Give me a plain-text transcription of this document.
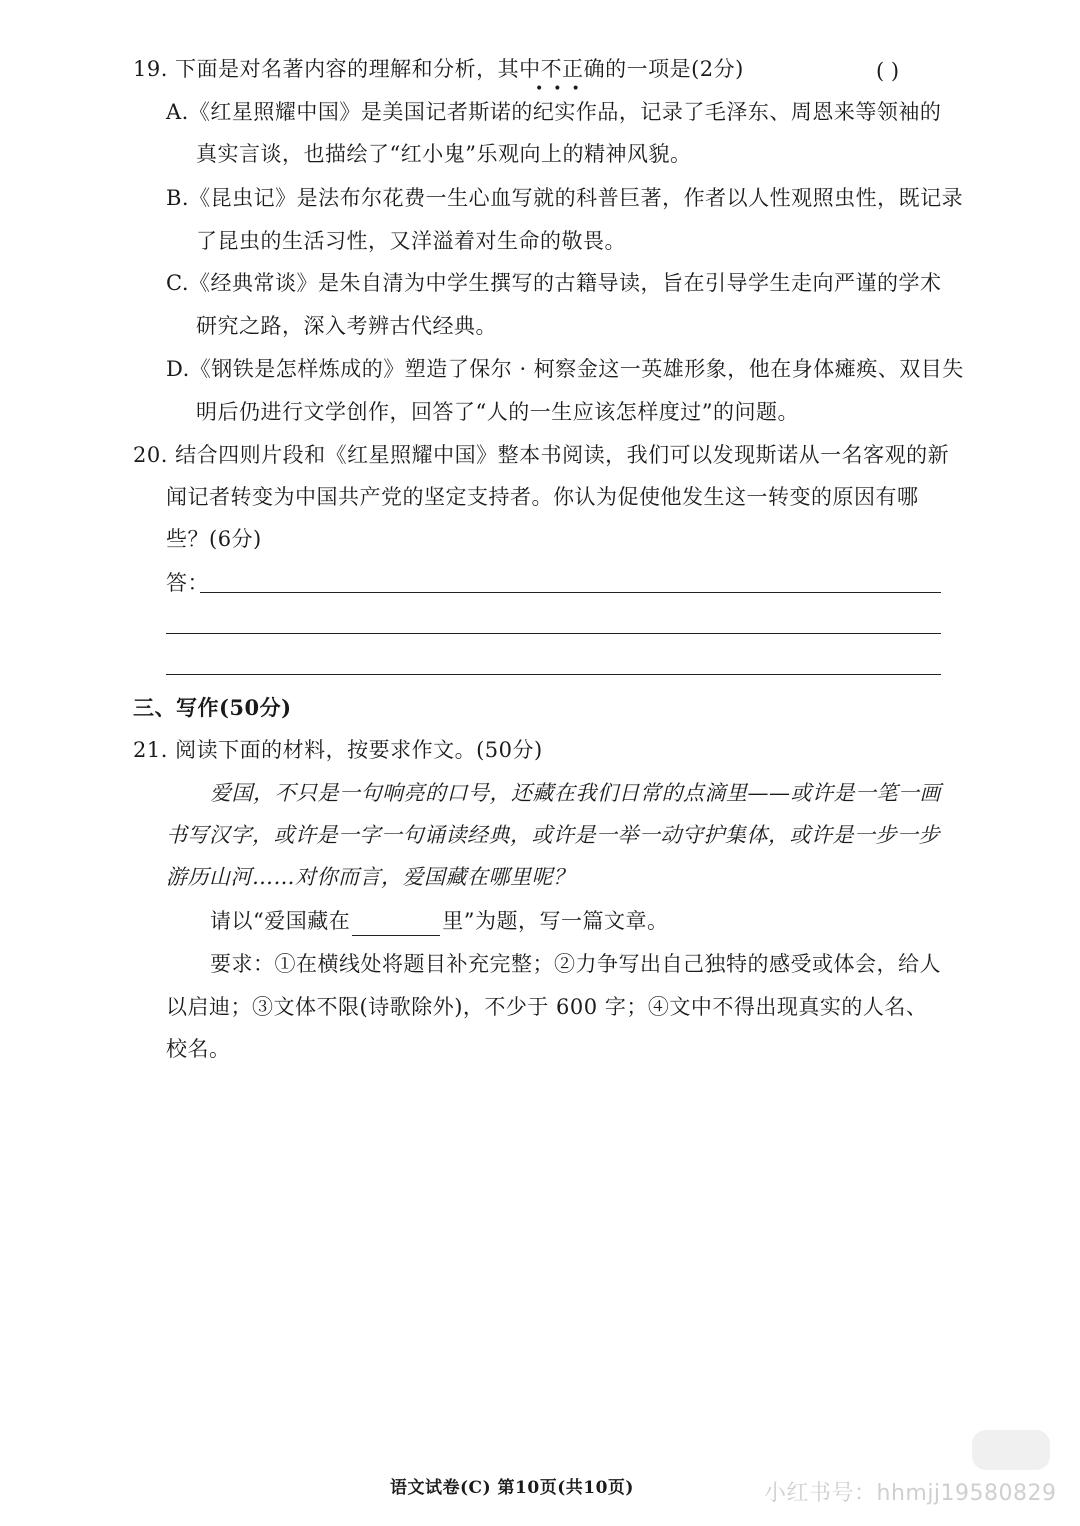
19. 下面是对名著内容的理解和分析，其中不正确的一项是(2分)
•••
( )
A.《红星照耀中国》是美国记者斯诺的纪实作品，记录了毛泽东、周恩来等领袖的
真实言谈，也描绘了“红小鬼”乐观向上的精神风貌。
B.《昆虫记》是法布尔花费一生心血写就的科普巨著，作者以人性观照虫性，既记录
了昆虫的生活习性，又洋溢着对生命的敬畏。
C.《经典常谈》是朱自清为中学生撰写的古籍导读，旨在引导学生走向严谨的学术
研究之路，深入考辨古代经典。
D.《钢铁是怎样炼成的》塑造了保尔 · 柯察金这一英雄形象，他在身体瘫痪、双目失
明后仍进行文学创作，回答了“人的一生应该怎样度过”的问题。
20. 结合四则片段和《红星照耀中国》整本书阅读，我们可以发现斯诺从一名客观的新
闻记者转变为中国共产党的坚定支持者。你认为促使他发生这一转变的原因有哪
些？(6分)
答：
三、写作(50分)
21. 阅读下面的材料，按要求作文。(50分)
爱国，不只是一句响亮的口号，还藏在我们日常的点滴里——或许是一笔一画
书写汉字，或许是一字一句诵读经典，或许是一举一动守护集体，或许是一步一步
游历山河……对你而言，爱国藏在哪里呢？
请以“爱国藏在	里”为题，写一篇文章。
要求：①在横线处将题目补充完整；②力争写出自己独特的感受或体会，给人
以启迪；③文体不限(诗歌除外)，不少于 600 字；④文中不得出现真实的人名、
校名。
语文试卷(C) 第10页(共10页)	小红书号：hhmjj19580829
